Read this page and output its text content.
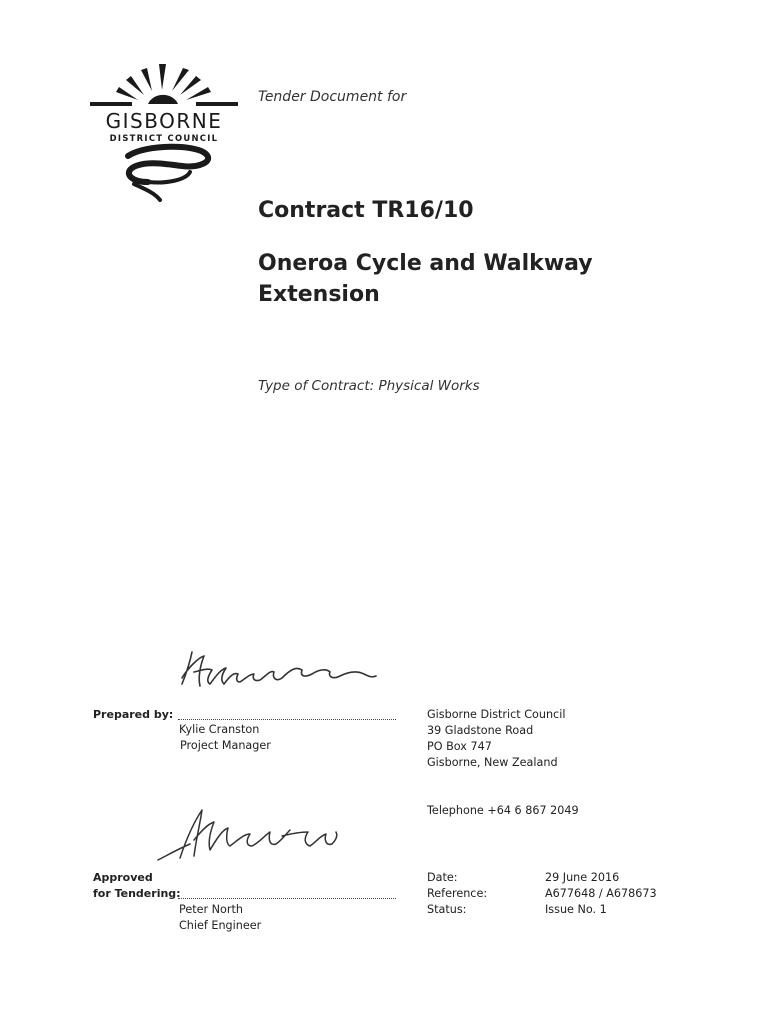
GISBORNE
DISTRICT COUNCIL
Tender Document for
Contract TR16/10
Oneroa Cycle and Walkway Extension
Type of Contract: Physical Works
Prepared by:
Kylie Cranston
Project Manager
Gisborne District Council
39 Gladstone Road
PO Box 747
Gisborne, New Zealand
Telephone +64 6 867 2049
Approved
for Tendering:
Peter North
Chief Engineer
Date:	29 June 2016
Reference:	A677648 / A678673
Status:	Issue No. 1
